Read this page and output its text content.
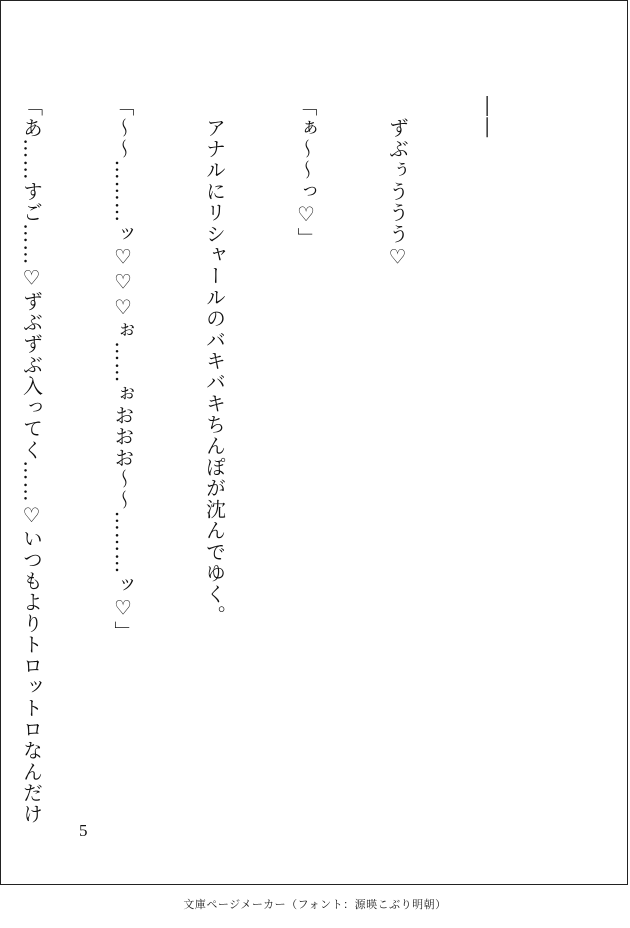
――

　ずぶぅううう♡

「ぁ〜〜っ♡」

　アナルにリシャールのバキバキちんぽが沈んでゆく。

「〜〜………ッ♡♡♡ぉ……ぉおおお〜〜………ッ♡」

「あ……すご……♡ずぶずぶ入ってく……♡いつもよりトロットロなんだけ

5
文庫ページメーカー（フォント：源暎こぶり明朝）
